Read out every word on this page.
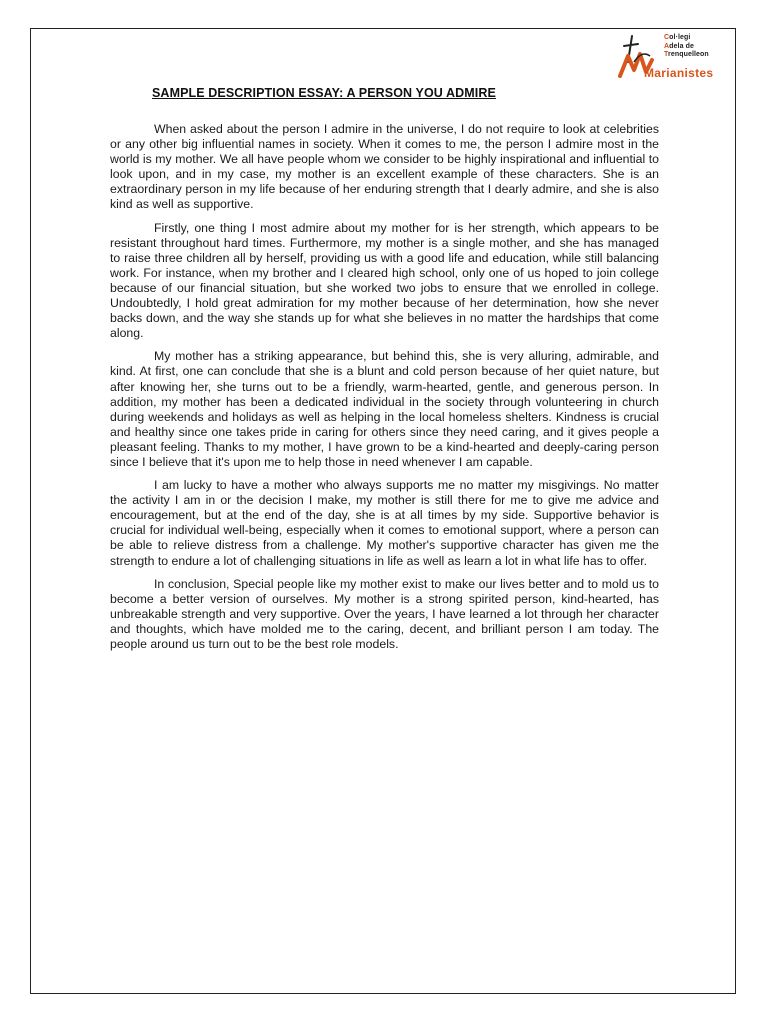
Col·legi
Adela de
Trenquelleon
Marianistes
SAMPLE DESCRIPTION ESSAY: A PERSON YOU ADMIRE

When asked about the person I admire in the universe, I do not require to look at celebrities or any other big influential names in society. When it comes to me, the person I admire most in the world is my mother. We all have people whom we consider to be highly inspirational and influential to look upon, and in my case, my mother is an excellent example of these characters. She is an extraordinary person in my life because of her enduring strength that I dearly admire, and she is also kind as well as supportive.

Firstly, one thing I most admire about my mother for is her strength, which appears to be resistant throughout hard times. Furthermore, my mother is a single mother, and she has managed to raise three children all by herself, providing us with a good life and education, while still balancing work. For instance, when my brother and I cleared high school, only one of us hoped to join college because of our financial situation, but she worked two jobs to ensure that we enrolled in college. Undoubtedly, I hold great admiration for my mother because of her determination, how she never backs down, and the way she stands up for what she believes in no matter the hardships that come along.

My mother has a striking appearance, but behind this, she is very alluring, admirable, and kind. At first, one can conclude that she is a blunt and cold person because of her quiet nature, but after knowing her, she turns out to be a friendly, warm-hearted, gentle, and generous person. In addition, my mother has been a dedicated individual in the society through volunteering in church during weekends and holidays as well as helping in the local homeless shelters. Kindness is crucial and healthy since one takes pride in caring for others since they need caring, and it gives people a pleasant feeling. Thanks to my mother, I have grown to be a kind-hearted and deeply-caring person since I believe that it's upon me to help those in need whenever I am capable.

I am lucky to have a mother who always supports me no matter my misgivings. No matter the activity I am in or the decision I make, my mother is still there for me to give me advice and encouragement, but at the end of the day, she is at all times by my side. Supportive behavior is crucial for individual well-being, especially when it comes to emotional support, where a person can be able to relieve distress from a challenge. My mother's supportive character has given me the strength to endure a lot of challenging situations in life as well as learn a lot in what life has to offer.

In conclusion, Special people like my mother exist to make our lives better and to mold us to become a better version of ourselves. My mother is a strong spirited person, kind-hearted, has unbreakable strength and very supportive. Over the years, I have learned a lot through her character and thoughts, which have molded me to the caring, decent, and brilliant person I am today. The people around us turn out to be the best role models.
